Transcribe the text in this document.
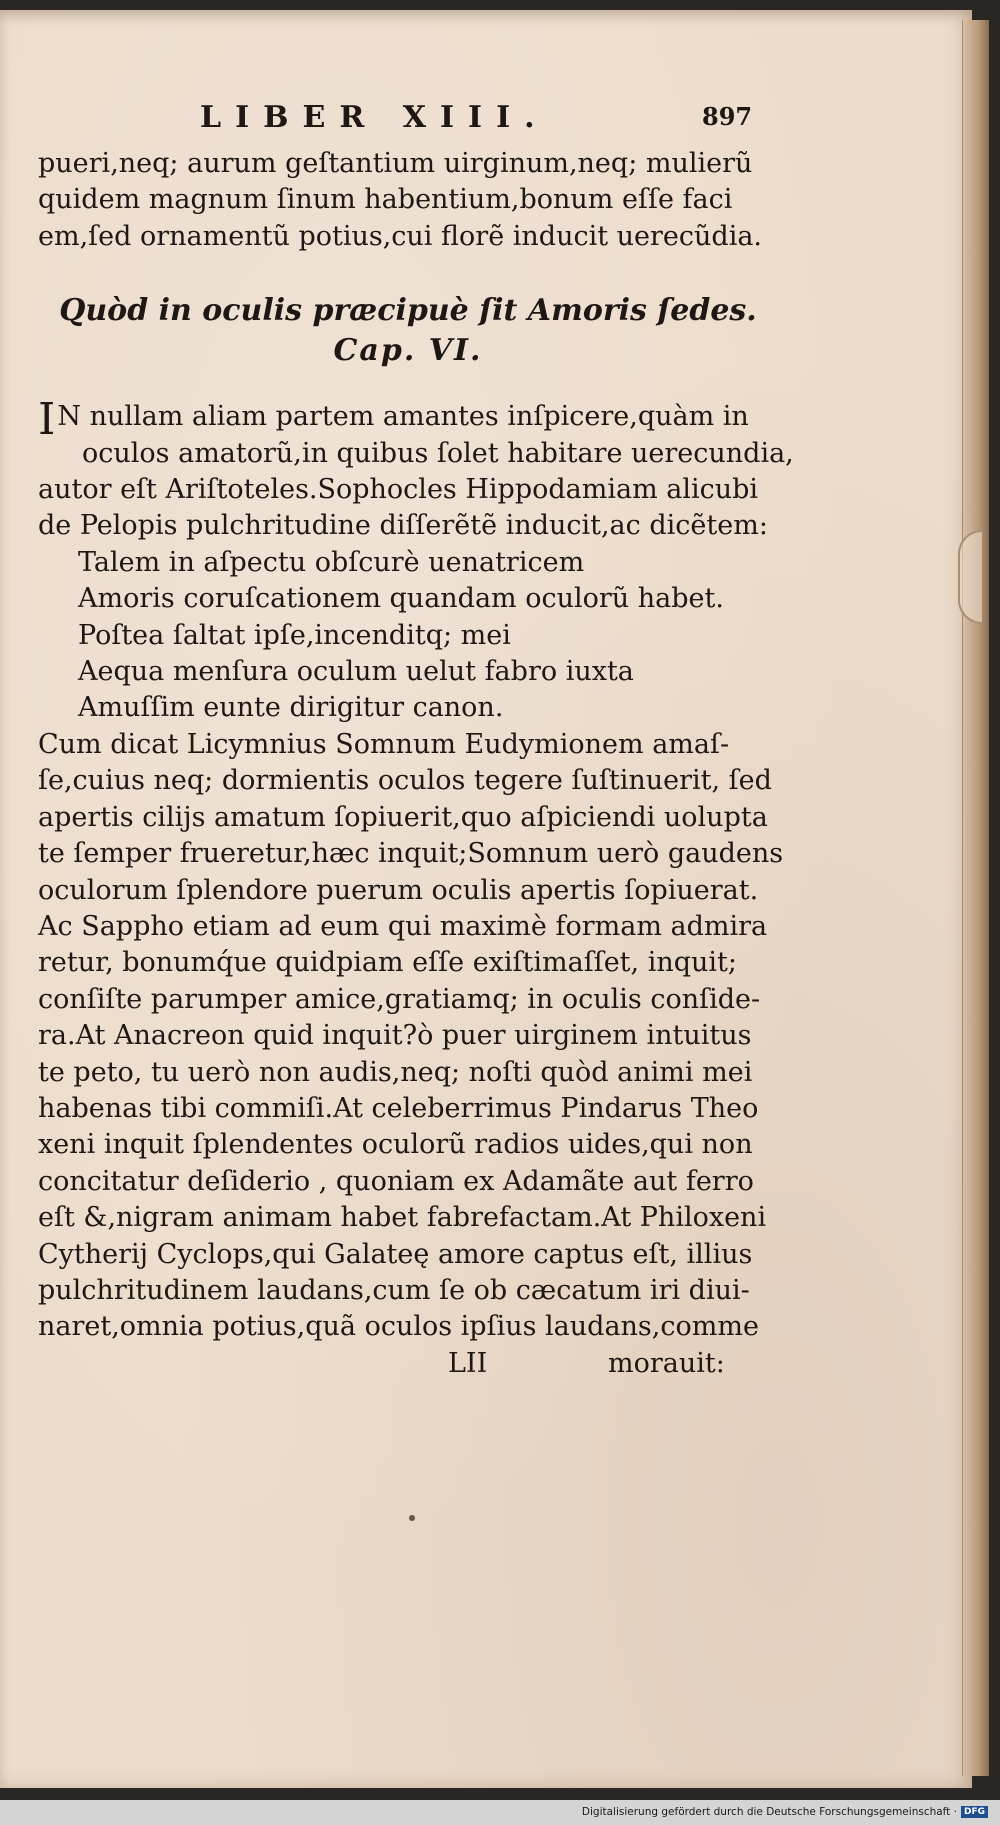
LIBER XIII.	897

pueri,neq; aurum geſtantium uirginum,neq; mulierũ

quidem magnum ſinum habentium,bonum eſſe faci

em,ſed ornamentũ potius,cui florẽ inducit uerecũdia.

Quòd in oculis præcipuè ſit Amoris ſedes.
Cap. VI.

I N nullam aliam partem amantes inſpicere,quàm in

oculos amatorũ,in quibus ſolet habitare uerecundia,

autor eſt Ariſtoteles.Sophocles Hippodamiam alicubi

de Pelopis pulchritudine diſſerẽtẽ inducit,ac dicẽtem:

Talem in aſpectu obſcurè uenatricem

Amoris coruſcationem quandam oculorũ habet.

Poſtea ſaltat ipſe,incenditq; mei

Aequa menſura oculum uelut fabro iuxta

Amuſſim eunte dirigitur canon.

Cum dicat Licymnius Somnum Eudymionem amaſ-

ſe,cuius neq; dormientis oculos tegere ſuſtinuerit, ſed

apertis cilijs amatum ſopiuerit,quo aſpiciendi uolupta

te ſemper frueretur,hæc inquit;Somnum uerò gaudens

oculorum ſplendore puerum oculis apertis ſopiuerat.

Ac Sappho etiam ad eum qui maximè formam admira

retur, bonumq́ue quidpiam eſſe exiſtimaſſet, inquit;

conſiſte parumper amice,gratiamq; in oculis conſide-

ra.At Anacreon quid inquit?ò puer uirginem intuitus

te peto, tu uerò non audis,neq; noſti quòd animi mei

habenas tibi commiſi.At celeberrimus Pindarus Theo

xeni inquit ſplendentes oculorũ radios uides,qui non

concitatur deſiderio , quoniam ex Adamãte aut ferro

eſt &,nigram animam habet fabrefactam.At Philoxeni

Cytherij Cyclops,qui Galateę amore captus eſt, illius

pulchritudinem laudans,cum ſe ob cæcatum iri diui-

naret,omnia potius,quã oculos ipſius laudans,comme

LII	morauit:
Digitalisierung gefördert durch die Deutsche Forschungsgemeinschaft · DFG
